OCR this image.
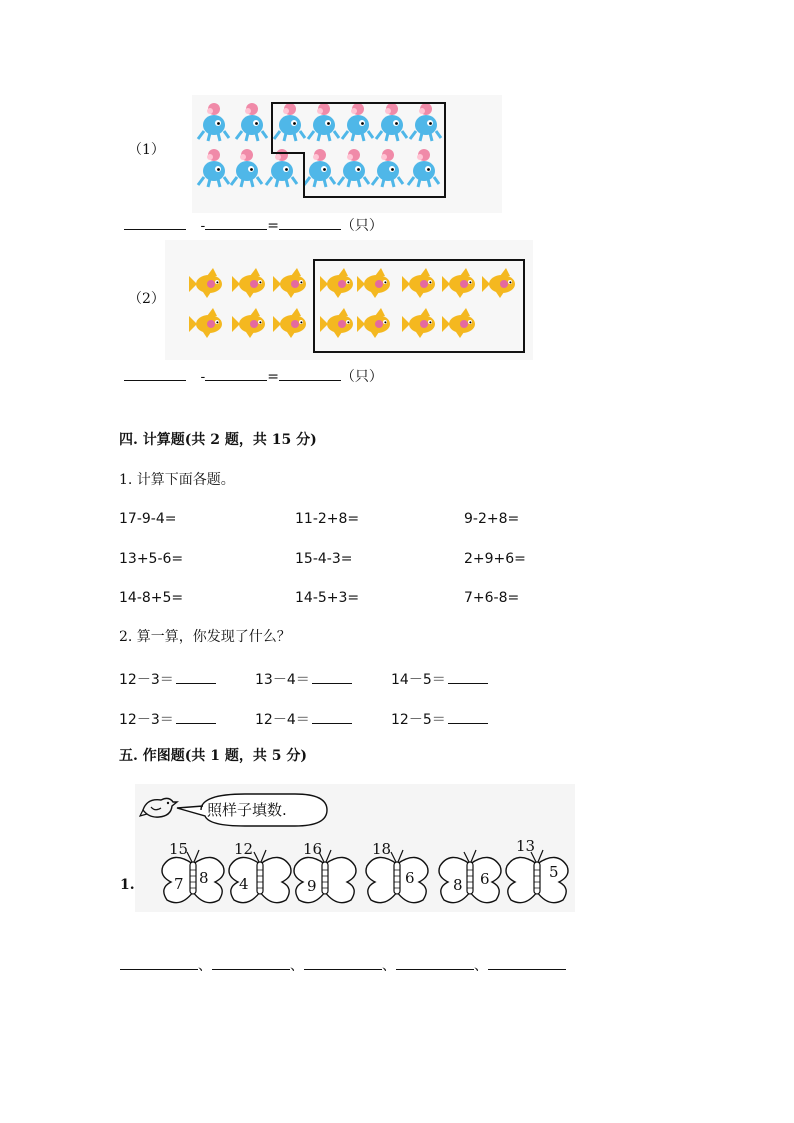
（1）
-	=	（只）
（2）
-	=	（只）
四. 计算题(共 2 题，共 15 分)
1. 计算下面各题。
17-9-4=	11-2+8=	9-2+8=
13+5-6=	15-4-3=	2+9+6=
14-8+5=	14-5+3=	7+6-8=
2. 算一算，你发现了什么？
12－3＝	13－4＝	14－5＝
12－3＝	12－4＝	12－5＝
五. 作图题(共 1 题，共 5 分)
照样子填数.
15
7 8
12
4
16
9
18
6	8 6
13
5
1.
、	、	、	、
